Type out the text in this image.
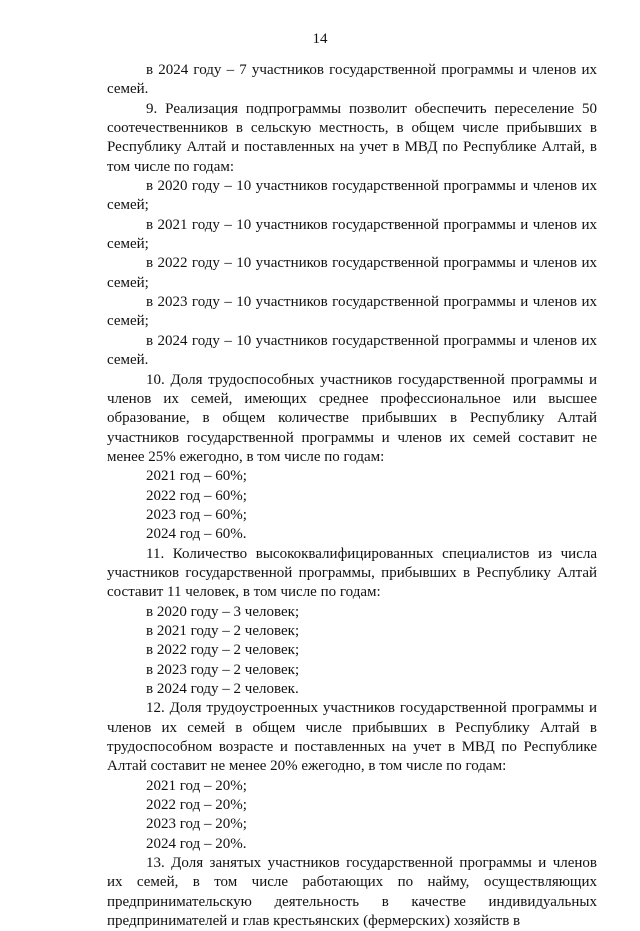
14

в 2024 году – 7 участников государственной программы и членов их семей.

9. Реализация подпрограммы позволит обеспечить переселение 50 соотечественников в сельскую местность, в общем числе прибывших в Республику Алтай и поставленных на учет в МВД по Республике Алтай, в том числе по годам:

в 2020 году – 10 участников государственной программы и членов их семей;

в 2021 году – 10 участников государственной программы и членов их семей;

в 2022 году – 10 участников государственной программы и членов их семей;

в 2023 году – 10 участников государственной программы и членов их семей;

в 2024 году – 10 участников государственной программы и членов их семей.

10. Доля трудоспособных участников государственной программы и членов их семей, имеющих среднее профессиональное или высшее образование, в общем количестве прибывших в Республику Алтай участников государственной программы и членов их семей составит не менее 25% ежегодно, в том числе по годам:

2021 год – 60%;

2022 год – 60%;

2023 год – 60%;

2024 год – 60%.

11. Количество высококвалифицированных специалистов из числа участников государственной программы, прибывших в Республику Алтай составит 11 человек, в том числе по годам:

в 2020 году – 3 человек;

в 2021 году – 2 человек;

в 2022 году – 2 человек;

в 2023 году – 2 человек;

в 2024 году – 2 человек.

12. Доля трудоустроенных участников государственной программы и членов их семей в общем числе прибывших в Республику Алтай в трудоспособном возрасте и поставленных на учет в МВД по Республике Алтай составит не менее 20% ежегодно, в том числе по годам:

2021 год – 20%;

2022 год – 20%;

2023 год – 20%;

2024 год – 20%.

13. Доля занятых участников государственной программы и членов их семей, в том числе работающих по найму, осуществляющих предпринимательскую деятельность в качестве индивидуальных предпринимателей и глав крестьянских (фермерских) хозяйств в
